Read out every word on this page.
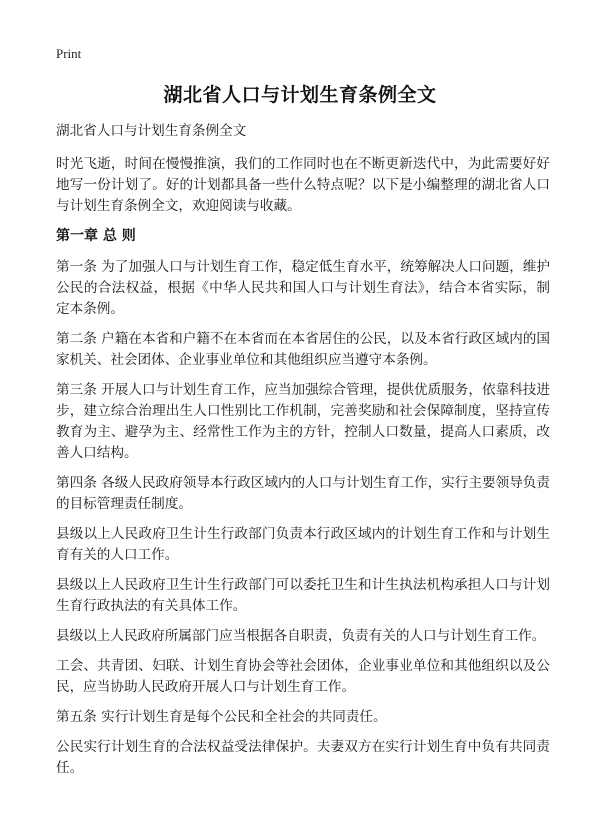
Print
湖北省人口与计划生育条例全文

湖北省人口与计划生育条例全文

时光飞逝，时间在慢慢推演，我们的工作同时也在不断更新迭代中，为此需要好好地写一份计划了。好的计划都具备一些什么特点呢？以下是小编整理的湖北省人口与计划生育条例全文，欢迎阅读与收藏。

第一章 总 则

第一条 为了加强人口与计划生育工作，稳定低生育水平，统筹解决人口问题，维护公民的合法权益，根据《中华人民共和国人口与计划生育法》，结合本省实际，制定本条例。

第二条 户籍在本省和户籍不在本省而在本省居住的公民，以及本省行政区域内的国家机关、社会团体、企业事业单位和其他组织应当遵守本条例。

第三条 开展人口与计划生育工作，应当加强综合管理，提供优质服务，依靠科技进步，建立综合治理出生人口性别比工作机制，完善奖励和社会保障制度，坚持宣传教育为主、避孕为主、经常性工作为主的方针，控制人口数量，提高人口素质，改善人口结构。

第四条 各级人民政府领导本行政区域内的人口与计划生育工作，实行主要领导负责的目标管理责任制度。

县级以上人民政府卫生计生行政部门负责本行政区域内的计划生育工作和与计划生育有关的人口工作。

县级以上人民政府卫生计生行政部门可以委托卫生和计生执法机构承担人口与计划生育行政执法的有关具体工作。

县级以上人民政府所属部门应当根据各自职责，负责有关的人口与计划生育工作。

工会、共青团、妇联、计划生育协会等社会团体，企业事业单位和其他组织以及公民，应当协助人民政府开展人口与计划生育工作。

第五条 实行计划生育是每个公民和全社会的共同责任。

公民实行计划生育的合法权益受法律保护。夫妻双方在实行计划生育中负有共同责任。
